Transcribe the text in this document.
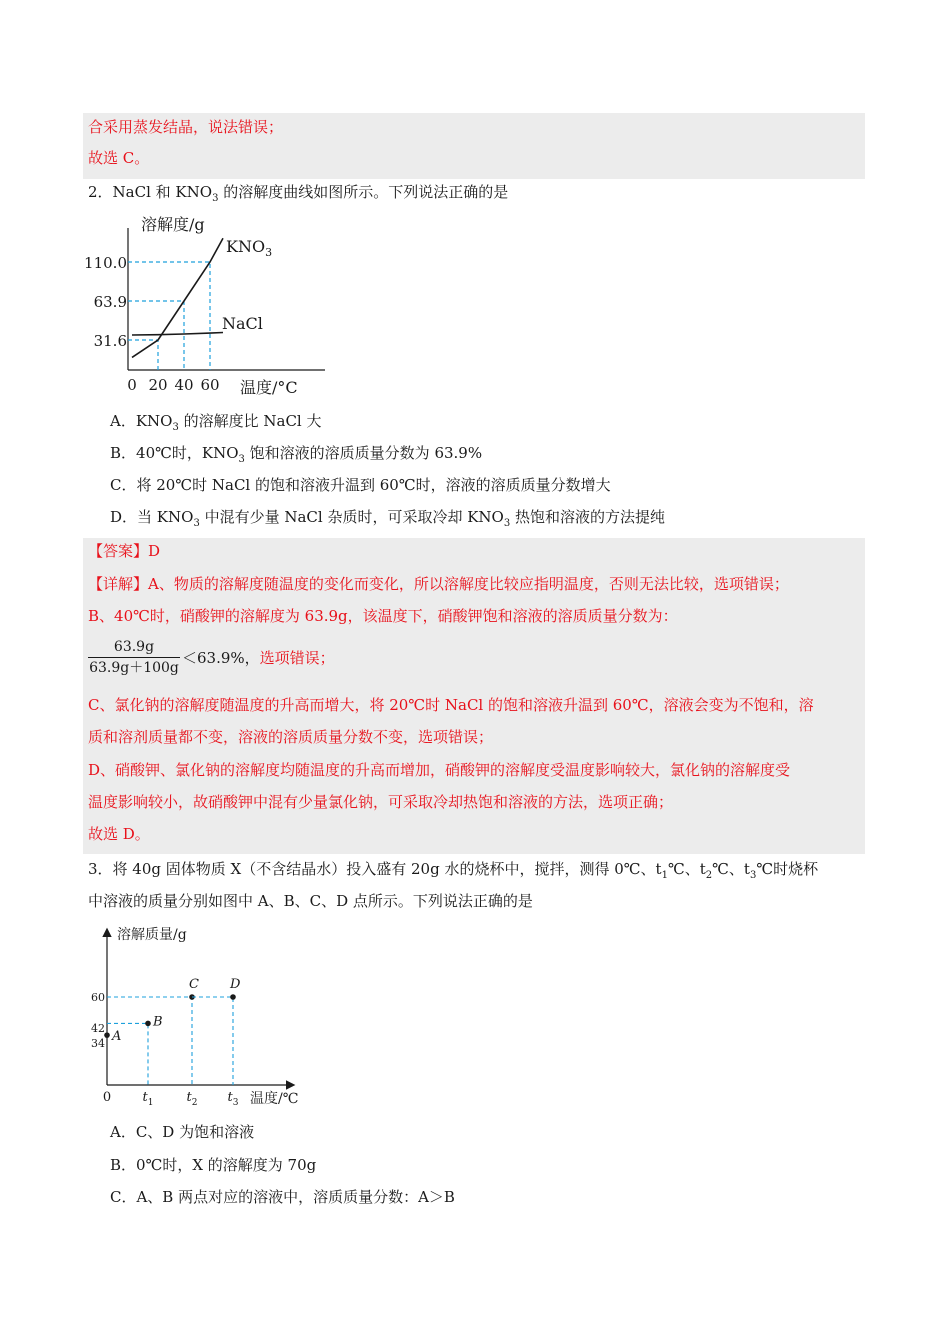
合采用蒸发结晶，说法错误；
故选 C。
2．NaCl 和 $KNO_3$ 的溶解度曲线如图所示。下列说法正确的是
溶解度/g
温度/°C
0 20 40 60
110.0
63.9
31.6
$KNO_3$
NaCl
A．$KNO_3$ 的溶解度比 NaCl 大
B．40℃时，$KNO_3$ 饱和溶液的溶质质量分数为 63.9%
C．将 20℃时 NaCl 的饱和溶液升温到 60℃时，溶液的溶质质量分数增大
D．当 $KNO_3$ 中混有少量 NaCl 杂质时，可采取冷却 $KNO_3$ 热饱和溶液的方法提纯
【答案】D
【详解】A、物质的溶解度随温度的变化而变化，所以溶解度比较应指明温度，否则无法比较，选项错误；
B、40℃时，硝酸钾的溶解度为 63.9g，该温度下，硝酸钾饱和溶液的溶质质量分数为：
$\frac{63.9g}{63.9g+100g} <63.9\%$，选项错误；
C、氯化钠的溶解度随温度的升高而增大，将 20℃时 NaCl 的饱和溶液升温到 60℃，溶液会变为不饱和，溶
质和溶剂质量都不变，溶液的溶质质量分数不变，选项错误；
D、硝酸钾、氯化钠的溶解度均随温度的升高而增加，硝酸钾的溶解度受温度影响较大，氯化钠的溶解度受
温度影响较小，故硝酸钾中混有少量氯化钠，可采取冷却热饱和溶液的方法，选项正确；
故选 D。
3．将 40g 固体物质 X（不含结晶水）投入盛有 20g 水的烧杯中，搅拌，测得 0℃、$t_1℃$、$t_2℃$、$t_3℃$时烧杯
中溶液的质量分别如图中 A、B、C、D 点所示。下列说法正确的是
溶解质量/g
温度/℃
60
42
34
0 $t_1$	$t_2$ $t_3$
A
B
C D
A．C、D 为饱和溶液
B．0℃时，X 的溶解度为 70g
C．A、B 两点对应的溶液中，溶质质量分数：A＞B
